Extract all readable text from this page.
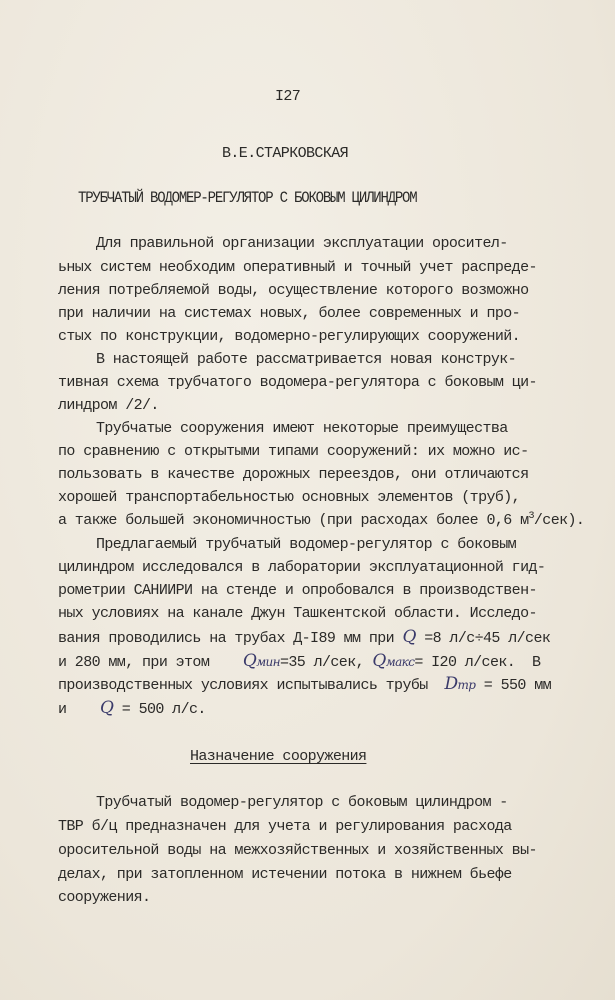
I27
В.Е.СТАРКОВСКАЯ
ТРУБЧАТЫЙ ВОДОМЕР-РЕГУЛЯТОР С БОКОВЫМ ЦИЛИНДРОМ
Для правильной организации эксплуатации оросител-
ьных систем необходим оперативный и точный учет распреде-
ления потребляемой воды, осуществление которого возможно
при наличии на системах новых, более современных и про-
стых по конструкции, водомерно-регулирующих сооружений.
В настоящей работе рассматривается новая конструк-
тивная схема трубчатого водомера-регулятора с боковым ци-
линдром /2/.
Трубчатые сооружения имеют некоторые преимущества
по сравнению с открытыми типами сооружений: их можно ис-
пользовать в качестве дорожных переездов, они отличаются
хорошей транспортабельностью основных элементов (труб),
а также большей экономичностью (при расходах более 0,6 $м^3/сек$).
Предлагаемый трубчатый водомер-регулятор с боковым
цилиндром исследовался в лаборатории эксплуатационной гид-
рометрии САНИИРИ на стенде и опробовался в производствен-
ных условиях на канале Джун Ташкентской области. Исследо-
вания проводились на трубах Д-I89 мм при Q =8 л/с÷45 л/сек
и 280 мм, при этом Qмин=35 л/сек, Qмакс= I20 л/сек.  В
производственных условиях испытывались трубы Dтр = 550 мм
и Q = 500 л/с.
Назначение сооружения
Трубчатый водомер-регулятор с боковым цилиндром -
ТВР б/ц предназначен для учета и регулирования расхода
оросительной воды на межхозяйственных и хозяйственных вы-
делах, при затопленном истечении потока в нижнем бьефе
сооружения.
